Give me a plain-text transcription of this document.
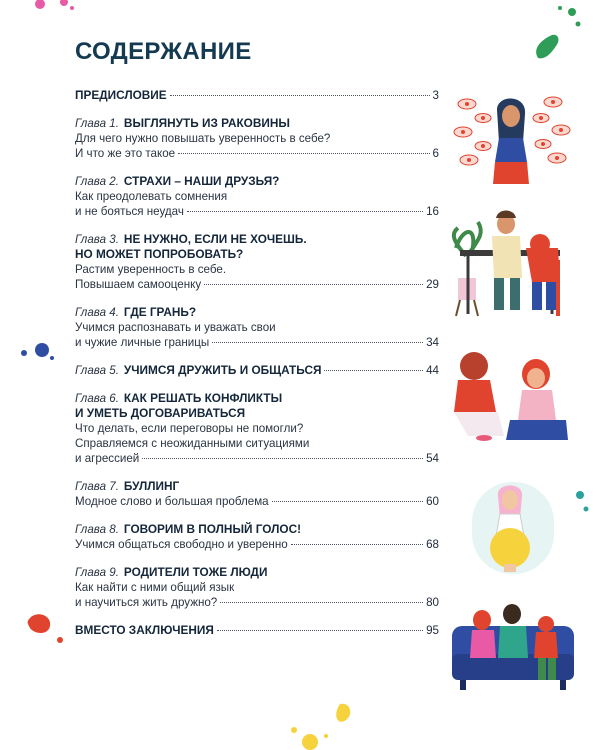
СОДЕРЖАНИЕ
ПРЕДИСЛОВИЕ	3
Глава 1. ВЫГЛЯНУТЬ ИЗ РАКОВИНЫ
Для чего нужно повышать уверенность в себе?
И что же это такое	6
Глава 2. СТРАХИ – НАШИ ДРУЗЬЯ?
Как преодолевать сомнения
и не бояться неудач	16
Глава 3. НЕ НУЖНО, ЕСЛИ НЕ ХОЧЕШЬ.
НО МОЖЕТ ПОПРОБОВАТЬ?
Растим уверенность в себе.
Повышаем самооценку	29
Глава 4. ГДЕ ГРАНЬ?
Учимся распознавать и уважать свои
и чужие личные границы	34
Глава 5. УЧИМСЯ ДРУЖИТЬ И ОБЩАТЬСЯ	44
Глава 6. КАК РЕШАТЬ КОНФЛИКТЫ
И УМЕТЬ ДОГОВАРИВАТЬСЯ
Что делать, если переговоры не помогли?
Справляемся с неожиданными ситуациями
и агрессией	54
Глава 7. БУЛЛИНГ
Модное слово и большая проблема	60
Глава 8. ГОВОРИМ В ПОЛНЫЙ ГОЛОС!
Учимся общаться свободно и уверенно	68
Глава 9. РОДИТЕЛИ ТОЖЕ ЛЮДИ
Как найти с ними общий язык
и научиться жить дружно?	80
ВМЕСТО ЗАКЛЮЧЕНИЯ	95
